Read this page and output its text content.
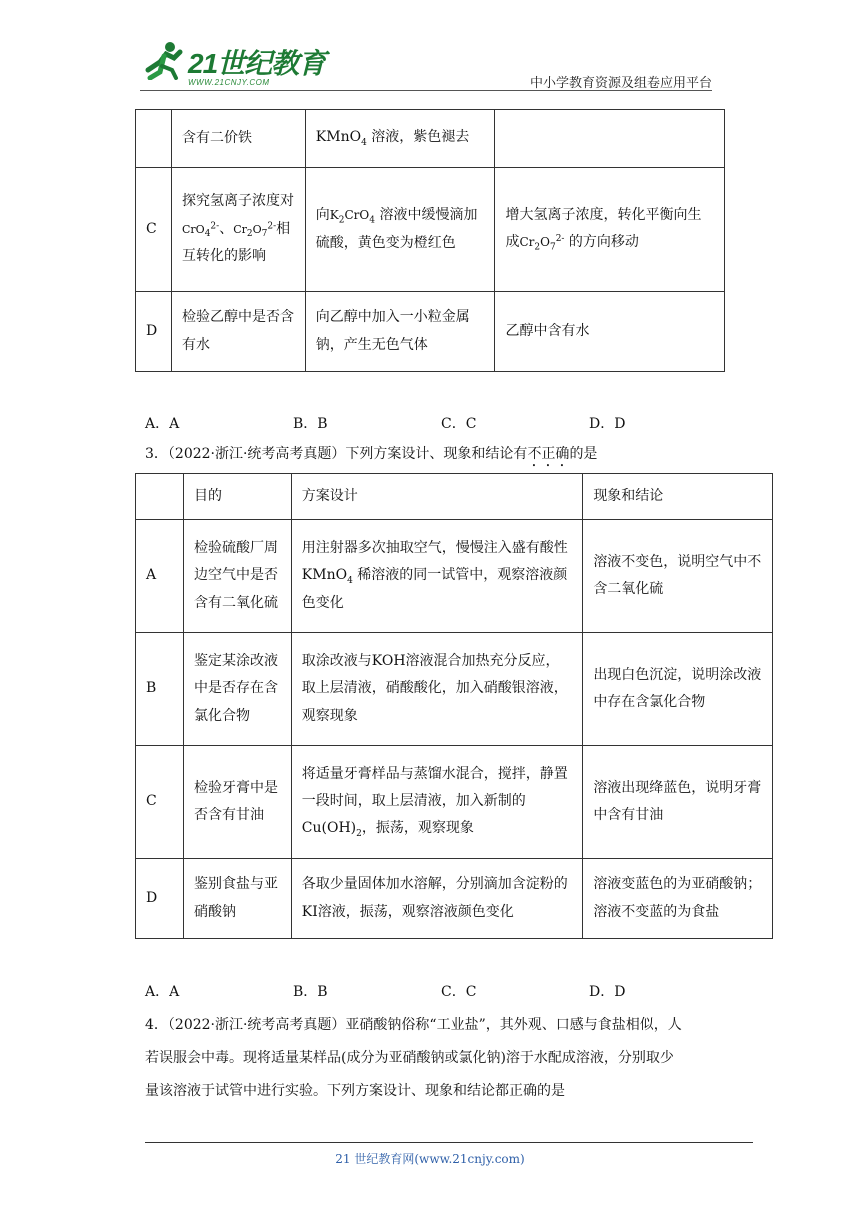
21世纪教育
WWW.21CNJY.COM	中小学教育资源及组卷应用平台
	含有二价铁	KMnO$_4$ 溶液，紫色褪去	
C	探究氢离子浓度对CrO$_4^{2-}$、$Cr_2O_7^{2-}$相互转化的影响	向$K_2CrO_4$ 溶液中缓慢滴加硫酸，黄色变为橙红色	增大氢离子浓度，转化平衡向生成$Cr_2O_7^{2-}$ 的方向移动
D	检验乙醇中是否含有水	向乙醇中加入一小粒金属钠，产生无色气体	乙醇中含有水
A．A	B．B	C．C	D．D
3．（2022·浙江·统考高考真题）下列方案设计、现象和结论有不正确的是
	目的	方案设计	现象和结论
A	检验硫酸厂周边空气中是否含有二氧化硫	用注射器多次抽取空气，慢慢注入盛有酸性 KMnO$_4$ 稀溶液的同一试管中，观察溶液颜色变化	溶液不变色，说明空气中不含二氧化硫
B	鉴定某涂改液中是否存在含氯化合物	取涂改液与KOH溶液混合加热充分反应，取上层清液，硝酸酸化，加入硝酸银溶液，观察现象	出现白色沉淀，说明涂改液中存在含氯化合物
C	检验牙膏中是否含有甘油	将适量牙膏样品与蒸馏水混合，搅拌，静置一段时间，取上层清液，加入新制的 $Cu(OH)_2$，振荡，观察现象	溶液出现绛蓝色，说明牙膏中含有甘油
D	鉴别食盐与亚硝酸钠	各取少量固体加水溶解，分别滴加含淀粉的KI溶液，振荡，观察溶液颜色变化	溶液变蓝色的为亚硝酸钠；溶液不变蓝的为食盐
A．A	B．B	C．C	D．D
4．（2022·浙江·统考高考真题）亚硝酸钠俗称“工业盐”，其外观、口感与食盐相似，人
若误服会中毒。现将适量某样品(成分为亚硝酸钠或氯化钠)溶于水配成溶液，分别取少
量该溶液于试管中进行实验。下列方案设计、现象和结论都正确的是
21 世纪教育网(www.21cnjy.com)
